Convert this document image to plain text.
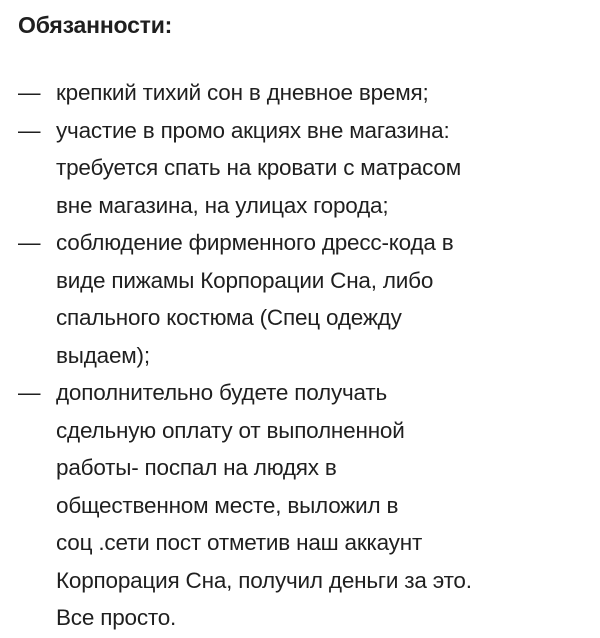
Обязанности:
— крепкий тихий сон в дневное время;
— участие в промо акциях вне магазина:
требуется спать на кровати с матрасом
вне магазина, на улицах города;
— соблюдение фирменного дресс-кода в
виде пижамы Корпорации Сна, либо
спального костюма (Спец одежду
выдаем);
— дополнительно будете получать
сдельную оплату от выполненной
работы- поспал на людях в
общественном месте, выложил в
соц .сети пост отметив наш аккаунт
Корпорация Сна, получил деньги за это.
Все просто.
